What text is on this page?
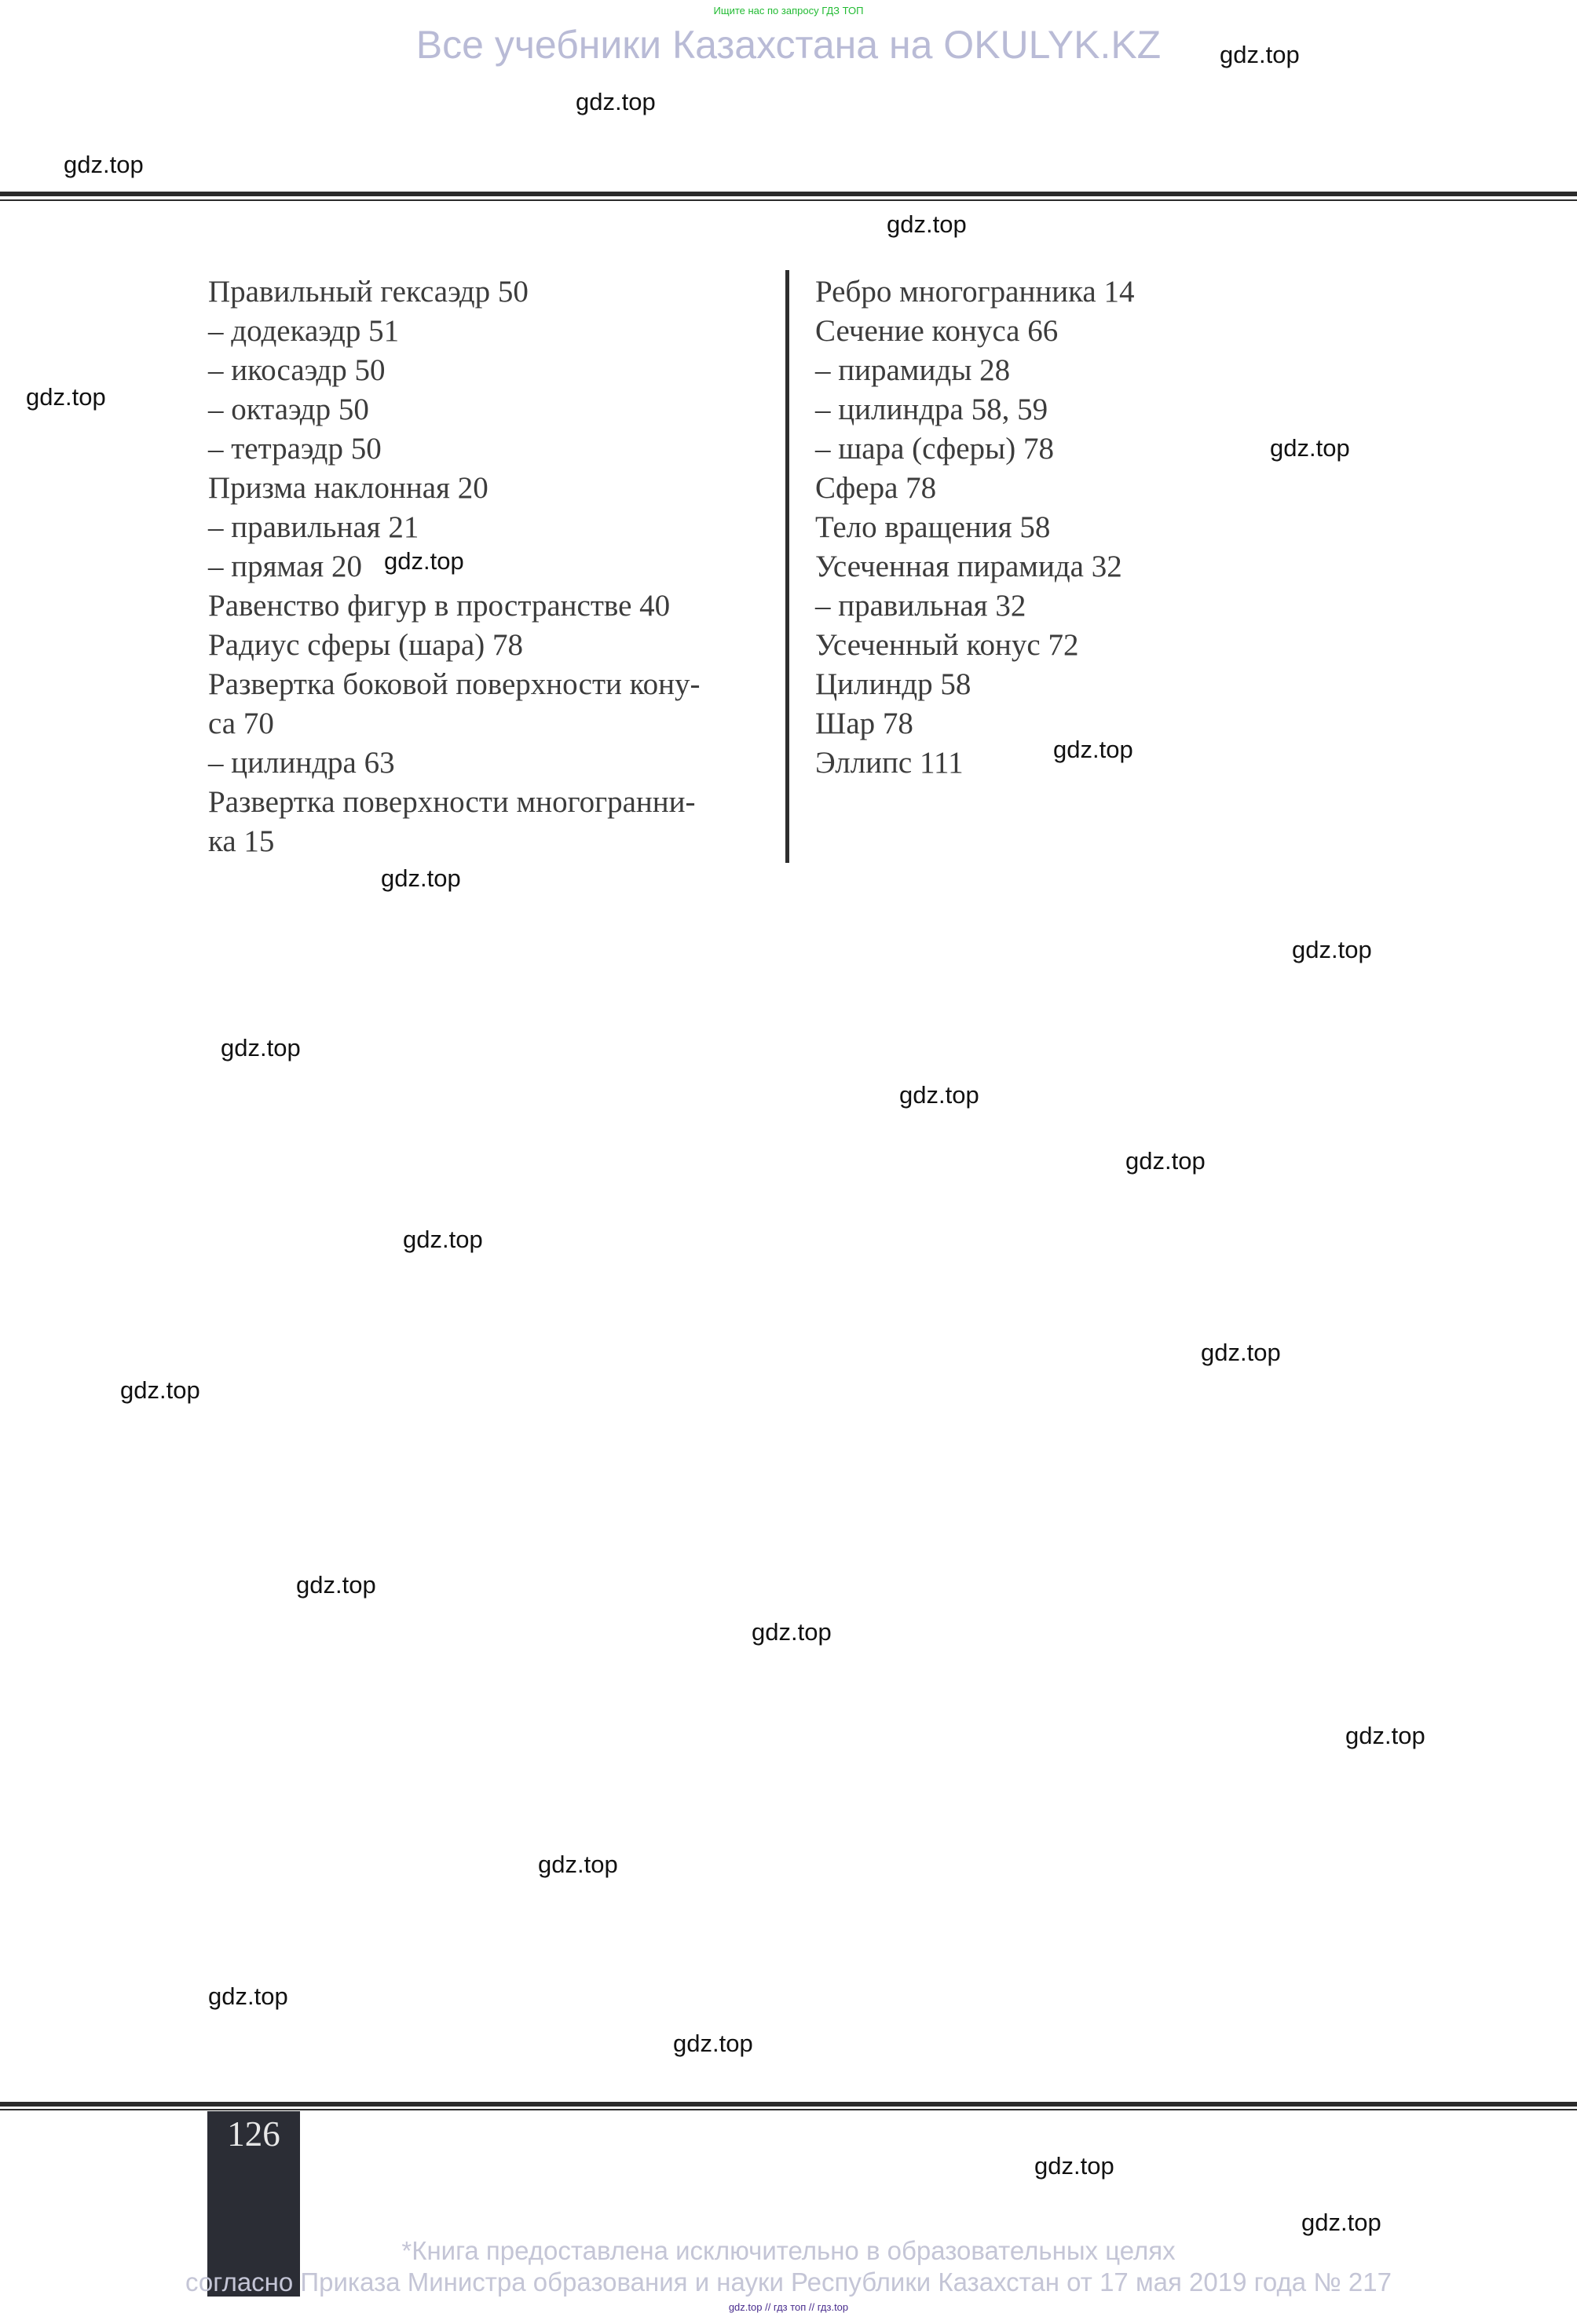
Ищите нас по запросу ГДЗ ТОП
Все учебники Казахстана на OKULYK.KZ
Правильный гексаэдр 50
– додекаэдр 51
– икосаэдр 50
– октаэдр 50
– тетраэдр 50
Призма наклонная 20
– правильная 21
– прямая 20
Равенство фигур в пространстве 40
Радиус сферы (шара) 78
Развертка боковой поверхности кону-
са 70
– цилиндра 63
Развертка поверхности многогранни-
ка 15
Ребро многогранника 14
Сечение конуса 66
– пирамиды 28
– цилиндра 58, 59
– шара (сферы) 78
Сфера 78
Тело вращения 58
Усеченная пирамида 32
– правильная 32
Усеченный конус 72
Цилиндр 58
Шар 78
Эллипс 111
126
*Книга предоставлена исключительно в образовательных целях
согласно Приказа Министра образования и науки Республики Казахстан от 17 мая 2019 года № 217
gdz.top // гдз топ // гдз.top
gdz.top
gdz.top
gdz.top
gdz.top
gdz.top
gdz.top
gdz.top
gdz.top
gdz.top
gdz.top
gdz.top
gdz.top
gdz.top
gdz.top
gdz.top
gdz.top
gdz.top
gdz.top
gdz.top
gdz.top
gdz.top
gdz.top
gdz.top
gdz.top
